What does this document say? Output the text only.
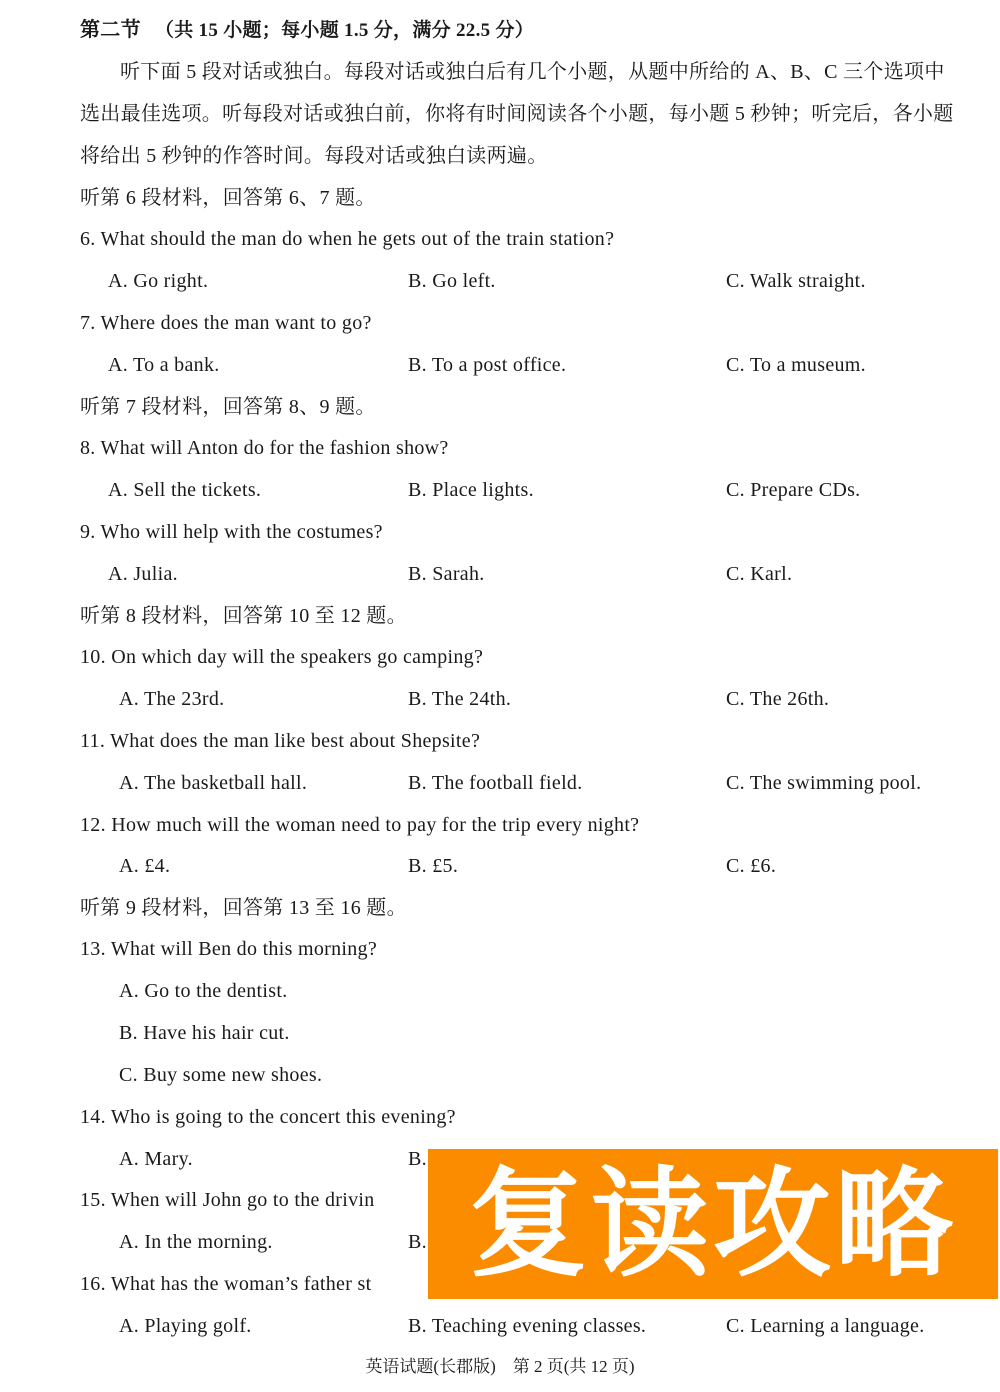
第二节 （共 15 小题；每小题 1.5 分，满分 22.5 分）
听下面 5 段对话或独白。每段对话或独白后有几个小题，从题中所给的 A、B、C 三个选项中
选出最佳选项。听每段对话或独白前，你将有时间阅读各个小题，每小题 5 秒钟；听完后，各小题
将给出 5 秒钟的作答时间。每段对话或独白读两遍。
听第 6 段材料，回答第 6、7 题。
6. What should the man do when he gets out of the train station?
A. Go right.	B. Go left.	C. Walk straight.
7. Where does the man want to go?
A. To a bank.	B. To a post office.	C. To a museum.
听第 7 段材料，回答第 8、9 题。
8. What will Anton do for the fashion show?
A. Sell the tickets.	B. Place lights.	C. Prepare CDs.
9. Who will help with the costumes?
A. Julia.	B. Sarah.	C. Karl.
听第 8 段材料，回答第 10 至 12 题。
10. On which day will the speakers go camping?
A. The 23rd.	B. The 24th.	C. The 26th.
11. What does the man like best about Shepsite?
A. The basketball hall.	B. The football field.	C. The swimming pool.
12. How much will the woman need to pay for the trip every night?
A. £4.	B. £5.	C. £6.
听第 9 段材料，回答第 13 至 16 题。
13. What will Ben do this morning?
A. Go to the dentist.
B. Have his hair cut.
C. Buy some new shoes.
14. Who is going to the concert this evening?
A. Mary.	B.
15. When will John go to the drivin
A. In the morning.	B.
16. What has the woman’s father st
A. Playing golf.	B. Teaching evening classes.	C. Learning a language.
复读攻略
英语试题(长郡版)　第 2 页(共 12 页)
